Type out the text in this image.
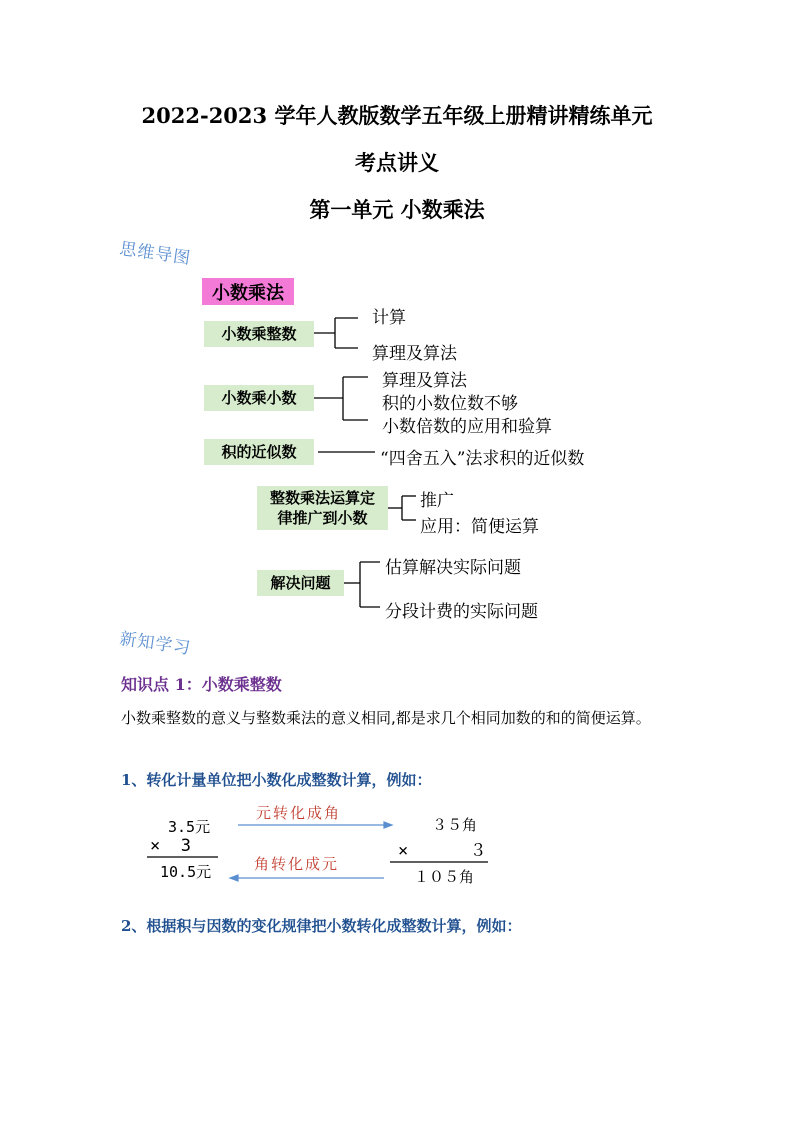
2022-2023 学年人教版数学五年级上册精讲精练单元
考点讲义
第一单元 小数乘法
思维导图
小数乘法
小数乘整数
计算
算理及算法
小数乘小数
算理及算法
积的小数位数不够
小数倍数的应用和验算
积的近似数	“四舍五入”法求积的近似数
整数乘法运算定
律推广到小数
推广
应用：简便运算
解决问题
估算解决实际问题
分段计费的实际问题
新知学习
知识点 1：小数乘整数
小数乘整数的意义与整数乘法的意义相同,都是求几个相同加数的和的简便运算。
1、转化计量单位把小数化成整数计算，例如：
3.5元
×  3
10.5元
元转化成角
角转化成元
３５角
×      ３
１０５角
2、根据积与因数的变化规律把小数转化成整数计算，例如：
